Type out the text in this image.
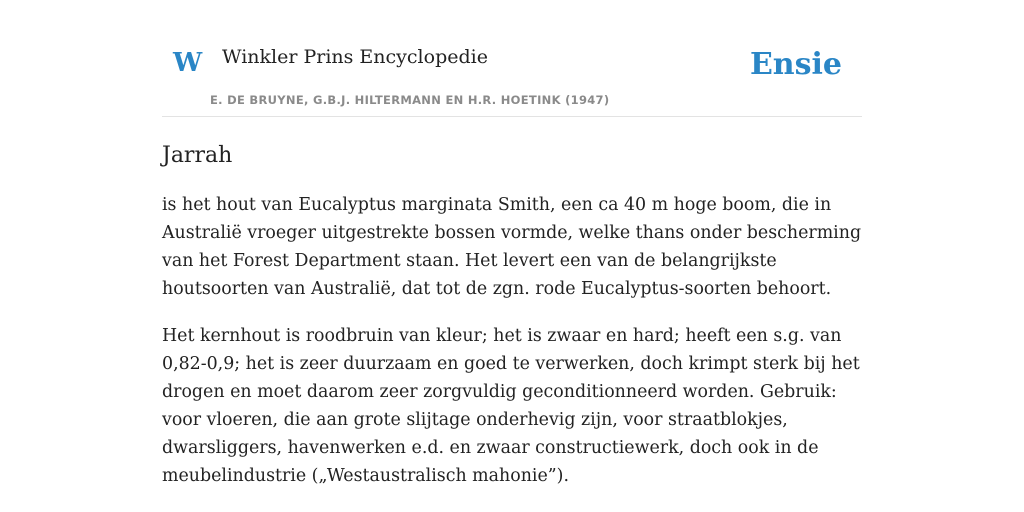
W Winkler Prins Encyclopedie
E. DE BRUYNE, G.B.J. HILTERMANN EN H.R. HOETINK (1947)
Ensie
Jarrah

is het hout van Eucalyptus marginata Smith, een ca 40 m hoge boom, die in Australië vroeger uitgestrekte bossen vormde, welke thans onder bescherming van het Forest Department staan. Het levert een van de belangrijkste houtsoorten van Australië, dat tot de zgn. rode Eucalyptus-soorten behoort.

Het kernhout is roodbruin van kleur; het is zwaar en hard; heeft een s.g. van 0,82-0,9; het is zeer duurzaam en goed te verwerken, doch krimpt sterk bij het drogen en moet daarom zeer zorgvuldig geconditionneerd worden. Gebruik: voor vloeren, die aan grote slijtage onderhevig zijn, voor straatblokjes, dwarsliggers, havenwerken e.d. en zwaar constructiewerk, doch ook in de meubelindustrie („Westaustralisch mahonie”).
